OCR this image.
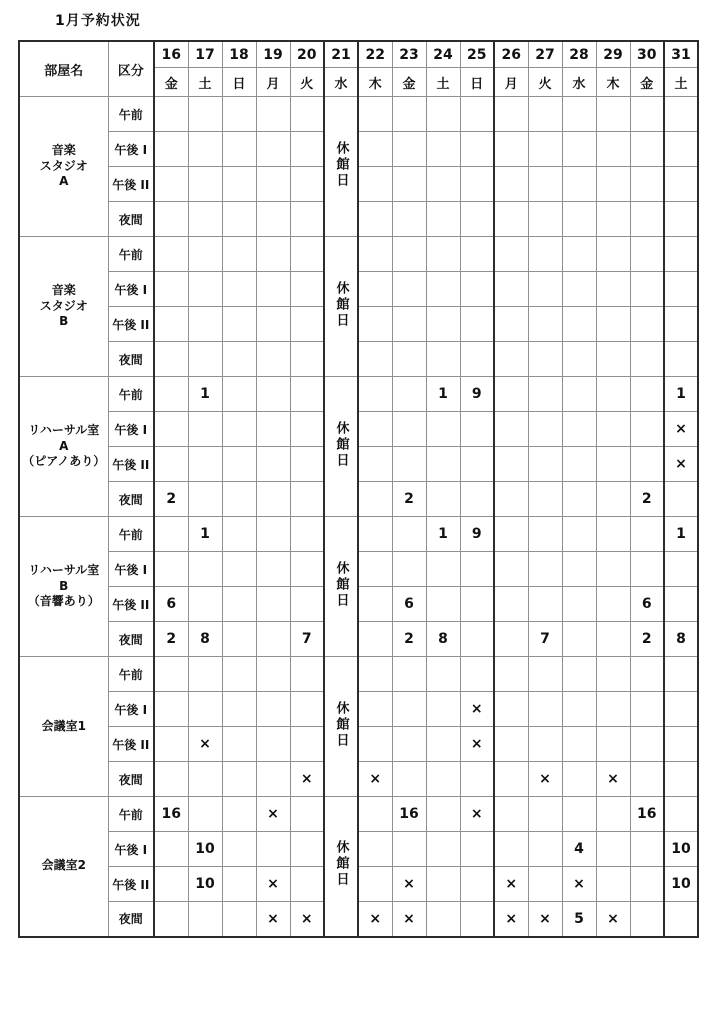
1月予約状況
部屋名	区分	16	17	18	19	20	21	22	23	24	25	26	27	28	29	30	31
		金	土	日	月	火	水	木	金	土	日	月	火	水	木	金	土

音楽
スタジオ
A	午前						休館日										
	午後 I																
	午後 II																
	夜間																

音楽
スタジオ
B	午前						休館日										
	午後 I																
	午後 II																
	夜間																

リハーサル室
A
（ピアノあり）	午前		1				休館日			1	9						1
	午後 I																×
	午後 II																×
	夜間	2							2							2	

リハーサル室
B
（音響あり）	午前		1				休館日			1	9						1
	午後 I																
	午後 II	6							6							6	
	夜間	2	8			7			2	8			7			2	8

会議室1	午前						休館日										
	午後 I										×						
	午後 II		×								×						
	夜間					×		×					×		×		

会議室2	午前	16			×		休館日		16		×					16	
	午後 I		10											4			10
	午後 II		10		×				×			×		×			10
	夜間				×	×		×	×			×	×	5	×		
